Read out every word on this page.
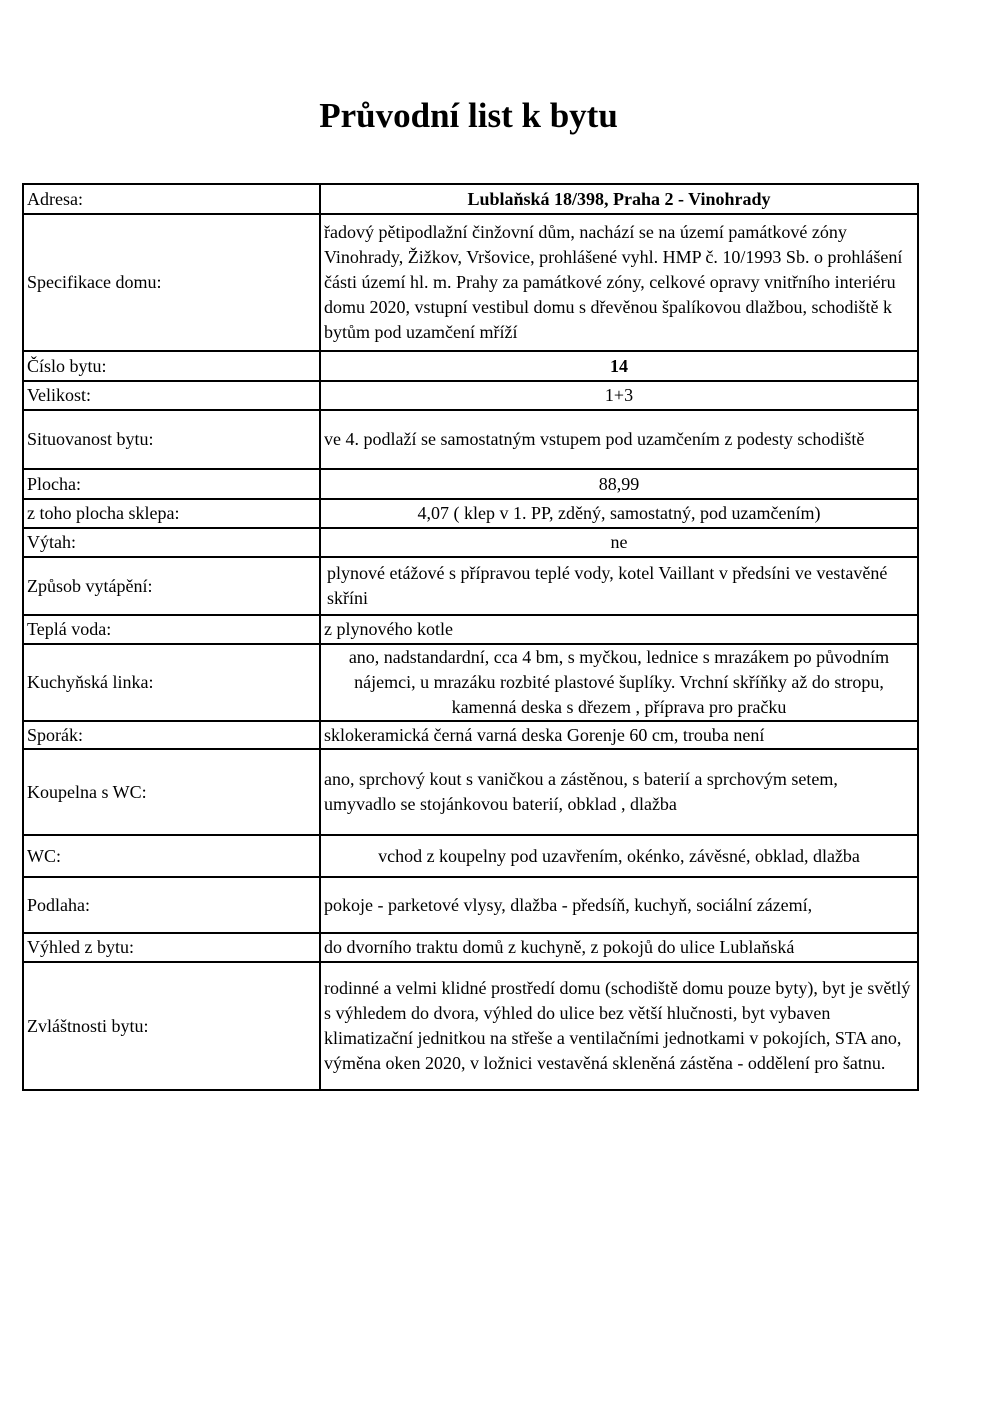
Průvodní list k bytu
Adresa:	Lublaňská 18/398, Praha 2 - Vinohrady
Specifikace domu:	řadový pětipodlažní činžovní dům, nachází se na území památkové zóny Vinohrady, Žižkov, Vršovice, prohlášené vyhl. HMP č. 10/1993 Sb. o prohlášení části území hl. m. Prahy za památkové zóny, celkové opravy vnitřního interiéru domu 2020, vstupní vestibul domu s dřevěnou špalíkovou dlažbou, schodiště k bytům pod uzamčení mříží
Číslo bytu:	14
Velikost:	1+3
Situovanost bytu:	ve 4. podlaží se samostatným vstupem pod uzamčením z podesty schodiště
Plocha:	88,99
z toho plocha sklepa:	4,07 ( klep v 1. PP, zděný, samostatný, pod uzamčením)
Výtah:	ne
Způsob vytápění:	plynové etážové s přípravou teplé vody, kotel Vaillant v předsíni ve vestavěné skříni
Teplá voda:	z plynového kotle
Kuchyňská linka:	ano, nadstandardní, cca 4 bm, s myčkou, lednice s mrazákem po původním nájemci, u mrazáku rozbité plastové šuplíky. Vrchní skříňky až do stropu, kamenná deska s dřezem , příprava pro pračku
Sporák:	sklokeramická černá varná deska Gorenje 60 cm, trouba není
Koupelna s WC:	ano, sprchový kout s vaničkou a zástěnou, s baterií a sprchovým setem, umyvadlo se stojánkovou baterií, obklad , dlažba
WC:	vchod z koupelny pod uzavřením, okénko, závěsné, obklad, dlažba
Podlaha:	pokoje - parketové vlysy, dlažba - předsíň, kuchyň, sociální zázemí,
Výhled z bytu:	do dvorního traktu domů z kuchyně, z pokojů do ulice Lublaňská
Zvláštnosti bytu:	rodinné a velmi klidné prostředí domu (schodiště domu pouze byty), byt je světlý s výhledem do dvora, výhled do ulice bez větší hlučnosti, byt vybaven klimatizační jednitkou na střeše a ventilačními jednotkami v pokojích, STA ano, výměna oken 2020, v ložnici vestavěná skleněná zástěna - oddělení pro šatnu.
